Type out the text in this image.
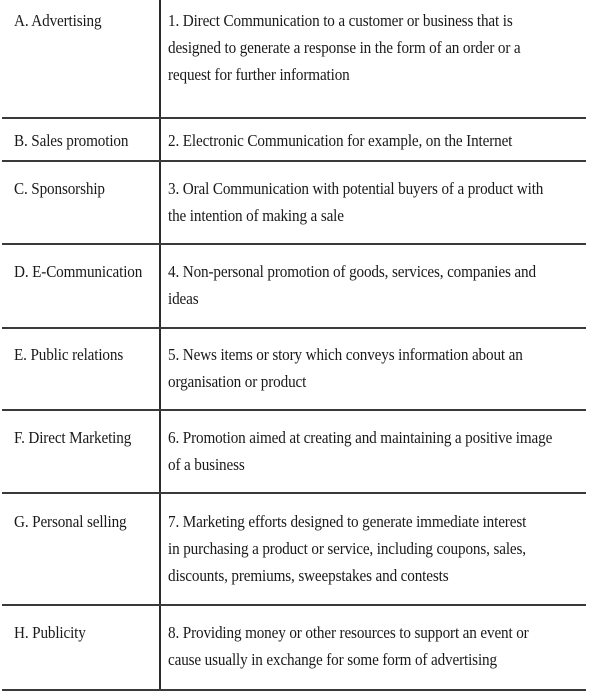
A. Advertising	1. Direct Communication to a customer or business that is
designed to generate a response in the form of an order or a
request for further information
B. Sales promotion 2. Electronic Communication for example, on the Internet
C. Sponsorship	3. Oral Communication with potential buyers of a product with
the intention of making a sale
D. E-Communication 4. Non-personal promotion of goods, services, companies and
ideas
E. Public relations	5. News items or story which conveys information about an
organisation or product
F. Direct Marketing 6. Promotion aimed at creating and maintaining a positive image
of a business
G. Personal selling	7. Marketing efforts designed to generate immediate interest
in purchasing a product or service, including coupons, sales,
discounts, premiums, sweepstakes and contests
H. Publicity	8. Providing money or other resources to support an event or
cause usually in exchange for some form of advertising
